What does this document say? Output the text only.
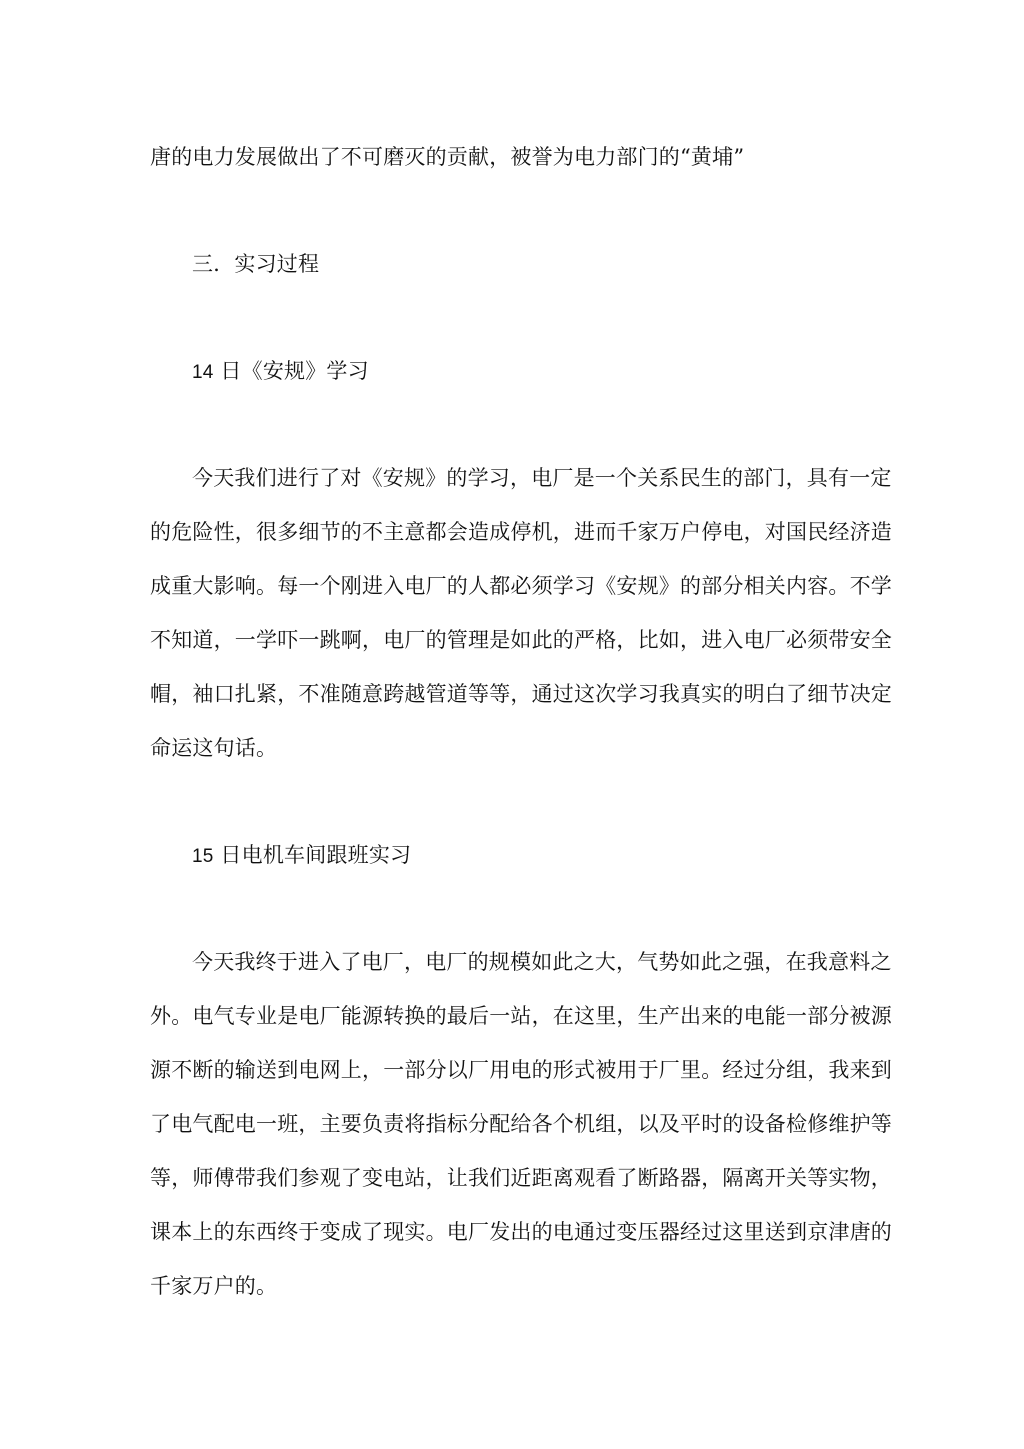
唐的电力发展做出了不可磨灭的贡献，被誉为电力部门的“黄埔”
三．实习过程
14 日《安规》学习
今天我们进行了对《安规》的学习，电厂是一个关系民生的部门，具有一定
的危险性，很多细节的不主意都会造成停机，进而千家万户停电，对国民经济造
成重大影响。每一个刚进入电厂的人都必须学习《安规》的部分相关内容。不学
不知道，一学吓一跳啊，电厂的管理是如此的严格，比如，进入电厂必须带安全
帽，袖口扎紧，不准随意跨越管道等等，通过这次学习我真实的明白了细节决定
命运这句话。
15 日电机车间跟班实习
今天我终于进入了电厂，电厂的规模如此之大，气势如此之强，在我意料之
外。电气专业是电厂能源转换的最后一站，在这里，生产出来的电能一部分被源
源不断的输送到电网上，一部分以厂用电的形式被用于厂里。经过分组，我来到
了电气配电一班，主要负责将指标分配给各个机组，以及平时的设备检修维护等
等，师傅带我们参观了变电站，让我们近距离观看了断路器，隔离开关等实物，
课本上的东西终于变成了现实。电厂发出的电通过变压器经过这里送到京津唐的
千家万户的。
